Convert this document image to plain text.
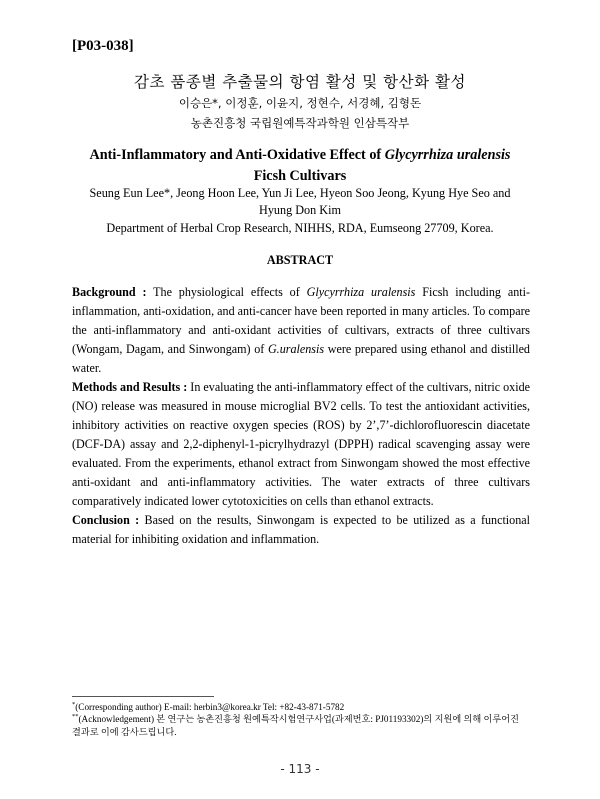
[P03-038]
감초 품종별 추출물의 항염 활성 및 항산화 활성
이승은*, 이정훈, 이윤지, 정현수, 서경혜, 김형돈
농촌진흥청 국립원예특작과학원 인삼특작부
Anti-Inflammatory and Anti-Oxidative Effect of Glycyrrhiza uralensis Ficsh Cultivars
Seung Eun Lee*, Jeong Hoon Lee, Yun Ji Lee, Hyeon Soo Jeong, Kyung Hye Seo and Hyung Don Kim
Department of Herbal Crop Research, NIHHS, RDA, Eumseong 27709, Korea.
ABSTRACT

Background : The physiological effects of Glycyrrhiza uralensis Ficsh including anti-inflammation, anti-oxidation, and anti-cancer have been reported in many articles. To compare the anti-inflammatory and anti-oxidant activities of cultivars, extracts of three cultivars (Wongam, Dagam, and Sinwongam) of G.uralensis were prepared using ethanol and distilled water.

Methods and Results : In evaluating the anti-inflammatory effect of the cultivars, nitric oxide (NO) release was measured in mouse microglial BV2 cells. To test the antioxidant activities, inhibitory activities on reactive oxygen species (ROS) by 2’,7’-dichlorofluorescin diacetate (DCF-DA) assay and 2,2-diphenyl-1-picrylhydrazyl (DPPH) radical scavenging assay were evaluated. From the experiments, ethanol extract from Sinwongam showed the most effective anti-oxidant and anti-inflammatory activities. The water extracts of three cultivars comparatively indicated lower cytotoxicities on cells than ethanol extracts.

Conclusion : Based on the results, Sinwongam is expected to be utilized as a functional material for inhibiting oxidation and inflammation.

*(Corresponding author) E-mail: herbin3@korea.kr Tel: +82-43-871-5782
**(Acknowledgement) 본 연구는 농촌진흥청 원예특작시험연구사업(과제번호: PJ01193302)의 지원에 의해 이루어진 결과로 이에 감사드립니다.
- 113 -
